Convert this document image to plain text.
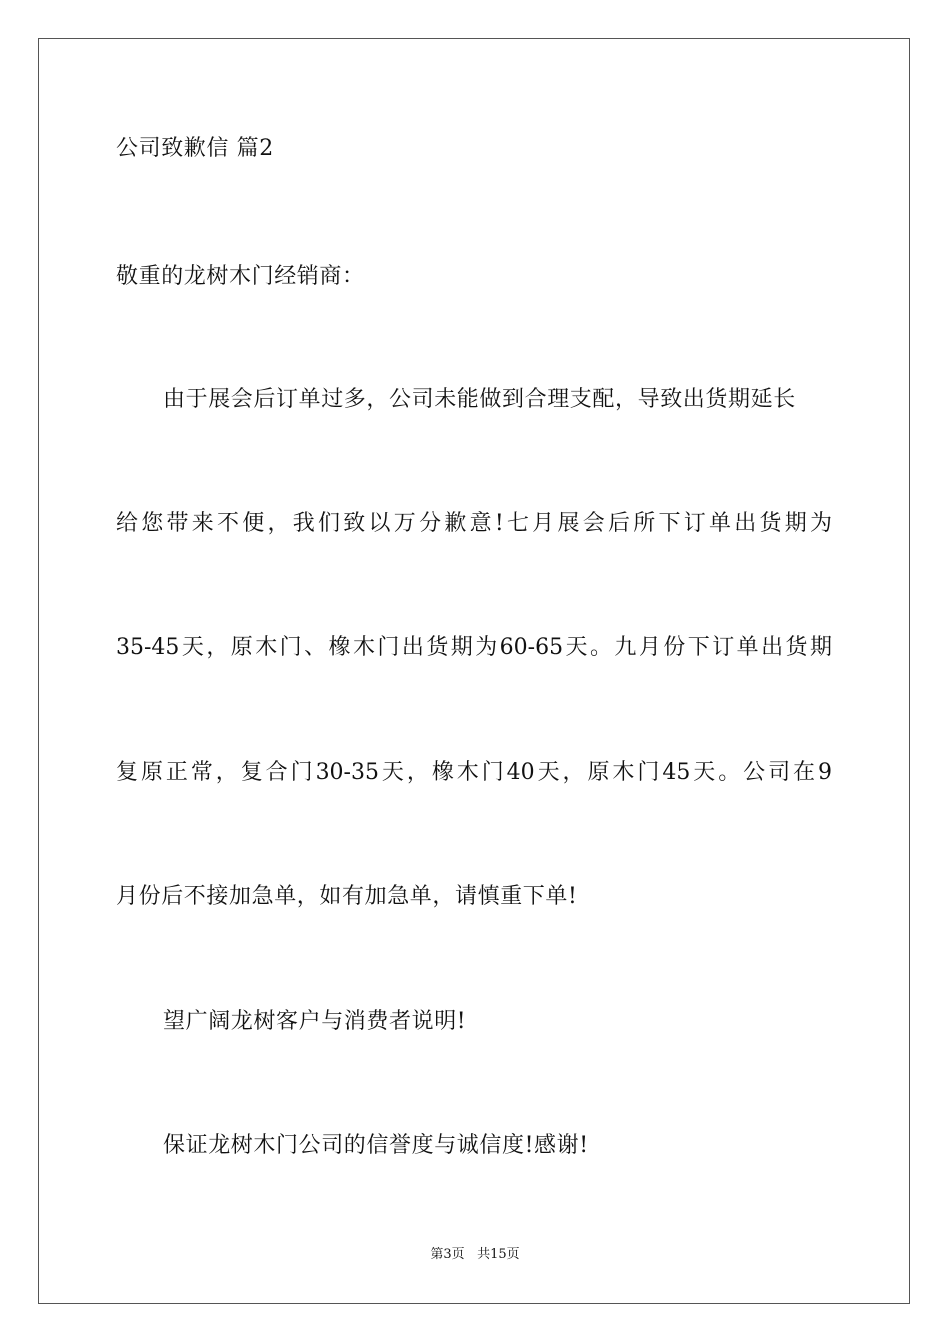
公司致歉信 篇2
敬重的龙树木门经销商：
由于展会后订单过多，公司未能做到合理支配，导致出货期延长
给您带来不便，我们致以万分歉意!七月展会后所下订单出货期为
35-45天，原木门、橡木门出货期为60-65天。九月份下订单出货期
复原正常，复合门30-35天，橡木门40天，原木门45天。公司在9
月份后不接加急单，如有加急单，请慎重下单!
望广阔龙树客户与消费者说明!
保证龙树木门公司的信誉度与诚信度!感谢!
第3页 共15页
